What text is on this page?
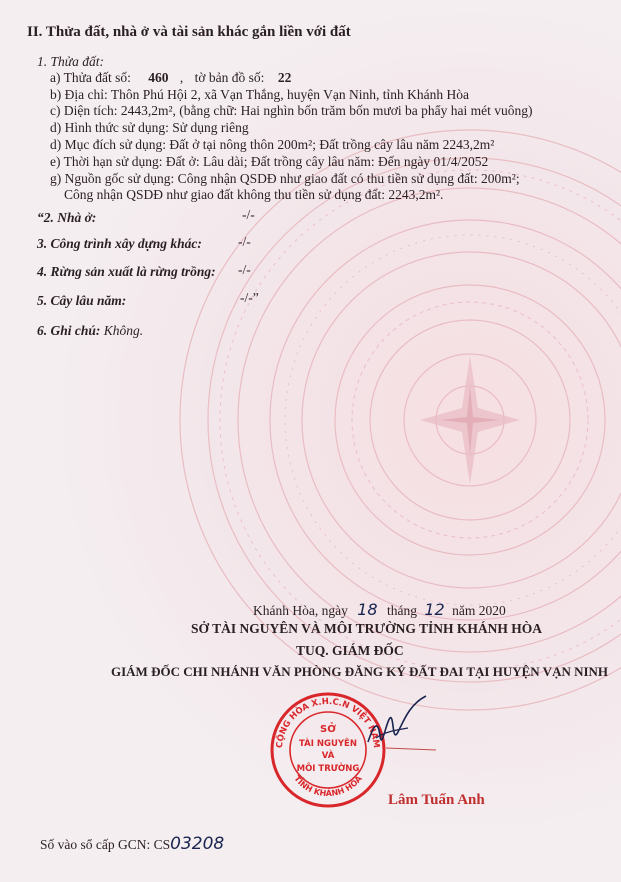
II. Thửa đất, nhà ở và tài sản khác gắn liền với đất
1. Thửa đất:
a) Thửa đất số: 460 , tờ bản đồ số: 22
b) Địa chỉ: Thôn Phú Hội 2, xã Vạn Thắng, huyện Vạn Ninh, tỉnh Khánh Hòa
c) Diện tích: 2443,2m², (bằng chữ: Hai nghìn bốn trăm bốn mươi ba phẩy hai mét vuông)
d) Hình thức sử dụng: Sử dụng riêng
d) Mục đích sử dụng: Đất ở tại nông thôn 200m²; Đất trồng cây lâu năm 2243,2m²
e) Thời hạn sử dụng: Đất ở: Lâu dài; Đất trồng cây lâu năm: Đến ngày 01/4/2052
g) Nguồn gốc sử dụng: Công nhận QSDĐ như giao đất có thu tiền sử dụng đất: 200m²;
Công nhận QSDĐ như giao đất không thu tiền sử dụng đất: 2243,2m².
“2. Nhà ở:	-/-
3. Công trình xây dựng khác:	-/-
4. Rừng sản xuất là rừng trồng: -/-
5. Cây lâu năm:	-/-”
6. Ghi chú: Không.
Khánh Hòa, ngày 18 tháng 12 năm 2020
SỞ TÀI NGUYÊN VÀ MÔI TRƯỜNG TỈNH KHÁNH HÒA
TUQ. GIÁM ĐỐC
GIÁM ĐỐC CHI NHÁNH VĂN PHÒNG ĐĂNG KÝ ĐẤT ĐAI TẠI HUYỆN VẠN NINH
CỘNG HÒA X.H.C.N VIỆT NAM
TỈNH KHÁNH HÒA
SỞ
TÀI NGUYÊN
VÀ
MÔI TRƯỜNG
Lâm Tuấn Anh
Số vào sổ cấp GCN: CS03208
